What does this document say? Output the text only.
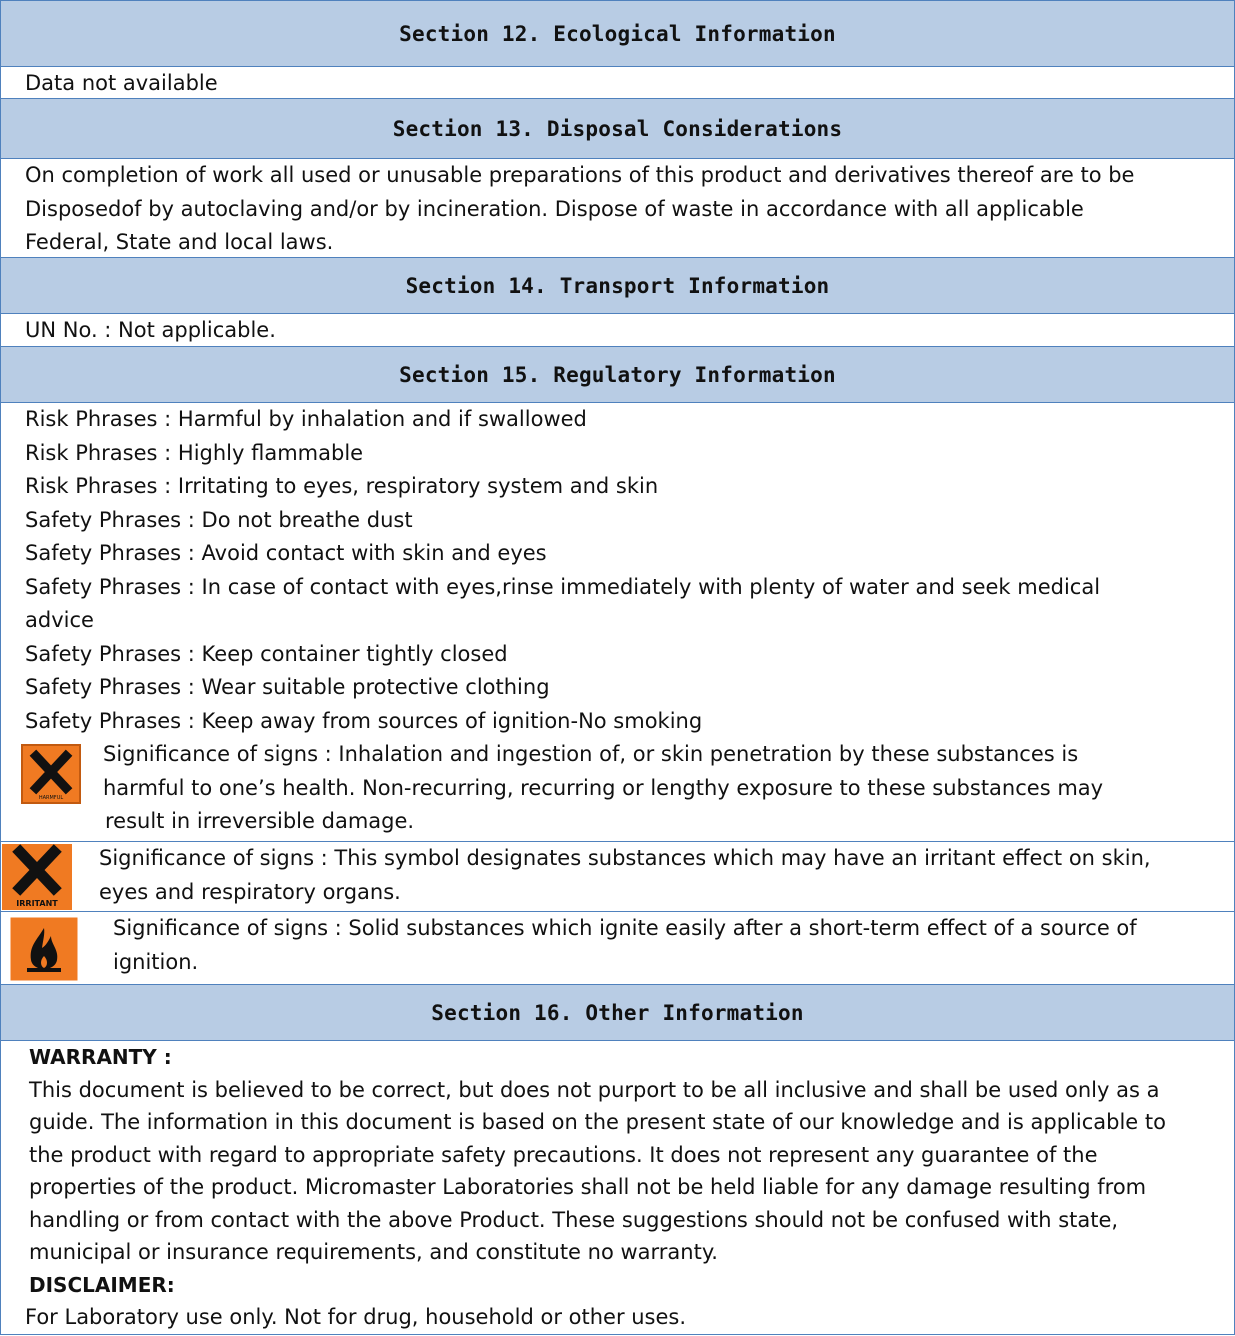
Section 12. Ecological Information
Data not available
Section 13. Disposal Considerations
On completion of work all used or unusable preparations of this product and derivatives thereof are to be
Disposedof by autoclaving and/or by incineration. Dispose of waste in accordance with all applicable
Federal, State and local laws.
Section 14. Transport Information
UN No. : Not applicable.
Section 15. Regulatory Information
Risk Phrases : Harmful by inhalation and if swallowed
Risk Phrases : Highly flammable
Risk Phrases : Irritating to eyes, respiratory system and skin
Safety Phrases : Do not breathe dust
Safety Phrases : Avoid contact with skin and eyes
Safety Phrases : In case of contact with eyes,rinse immediately with plenty of water and seek medical
advice
Safety Phrases : Keep container tightly closed
Safety Phrases : Wear suitable protective clothing
Safety Phrases : Keep away from sources of ignition-No smoking
HARMFUL
Significance of signs : Inhalation and ingestion of, or skin penetration by these substances is
harmful to one’s health. Non-recurring, recurring or lengthy exposure to these substances may
result in irreversible damage.
IRRITANT
Significance of signs : This symbol designates substances which may have an irritant effect on skin,
eyes and respiratory organs.
Significance of signs : Solid substances which ignite easily after a short-term effect of a source of
ignition.
Section 16. Other Information
WARRANTY :
This document is believed to be correct, but does not purport to be all inclusive and shall be used only as a
guide. The information in this document is based on the present state of our knowledge and is applicable to
the product with regard to appropriate safety precautions. It does not represent any guarantee of the
properties of the product. Micromaster Laboratories shall not be held liable for any damage resulting from
handling or from contact with the above Product. These suggestions should not be confused with state,
municipal or insurance requirements, and constitute no warranty.
DISCLAIMER:
For Laboratory use only. Not for drug, household or other uses.
